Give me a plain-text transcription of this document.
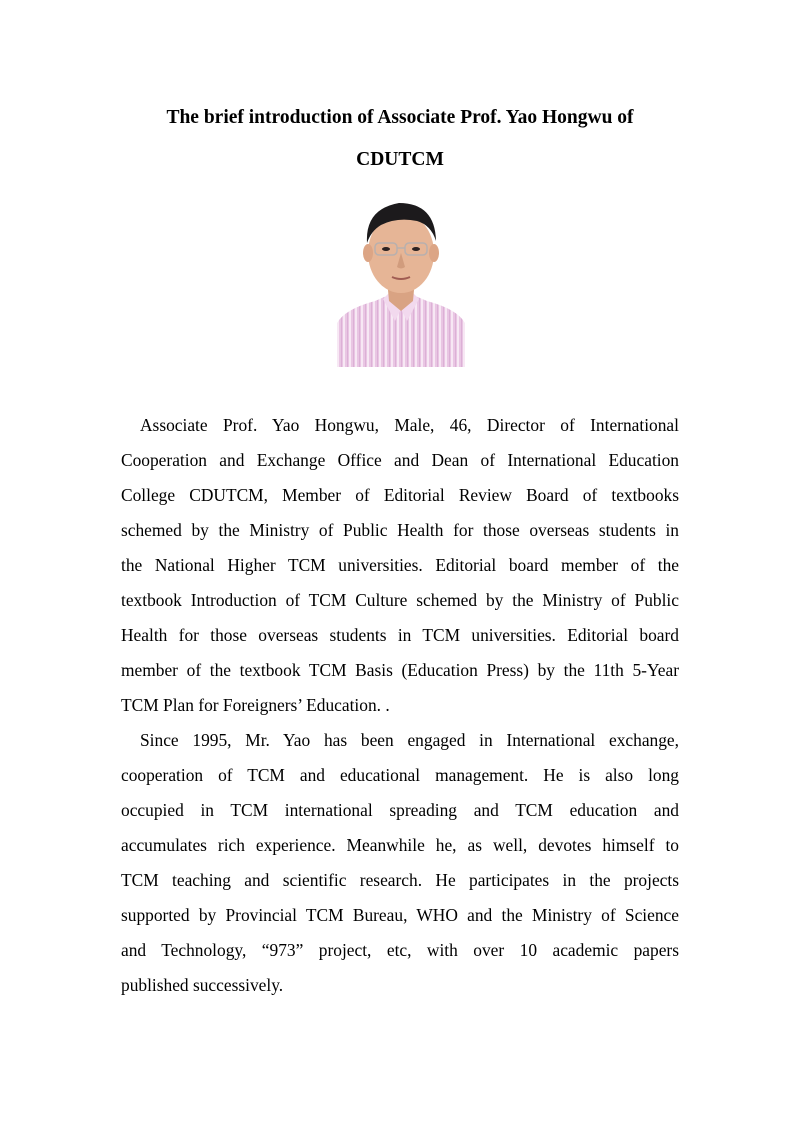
The brief introduction of Associate Prof. Yao Hongwu of
CDUTCM
Associate Prof. Yao Hongwu, Male, 46, Director of International
Cooperation and Exchange Office and Dean of International Education
College CDUTCM, Member of Editorial Review Board of textbooks
schemed by the Ministry of Public Health for those overseas students in
the National Higher TCM universities. Editorial board member of the
textbook Introduction of TCM Culture schemed by the Ministry of Public
Health for those overseas students in TCM universities. Editorial board
member of the textbook TCM Basis (Education Press) by the 11th 5-Year
TCM Plan for Foreigners’ Education. .
Since 1995, Mr. Yao has been engaged in International exchange,
cooperation of TCM and educational management. He is also long
occupied in TCM international spreading and TCM education and
accumulates rich experience. Meanwhile he, as well, devotes himself to
TCM teaching and scientific research. He participates in the projects
supported by Provincial TCM Bureau, WHO and the Ministry of Science
and Technology, “973” project, etc, with over 10 academic papers
published successively.
